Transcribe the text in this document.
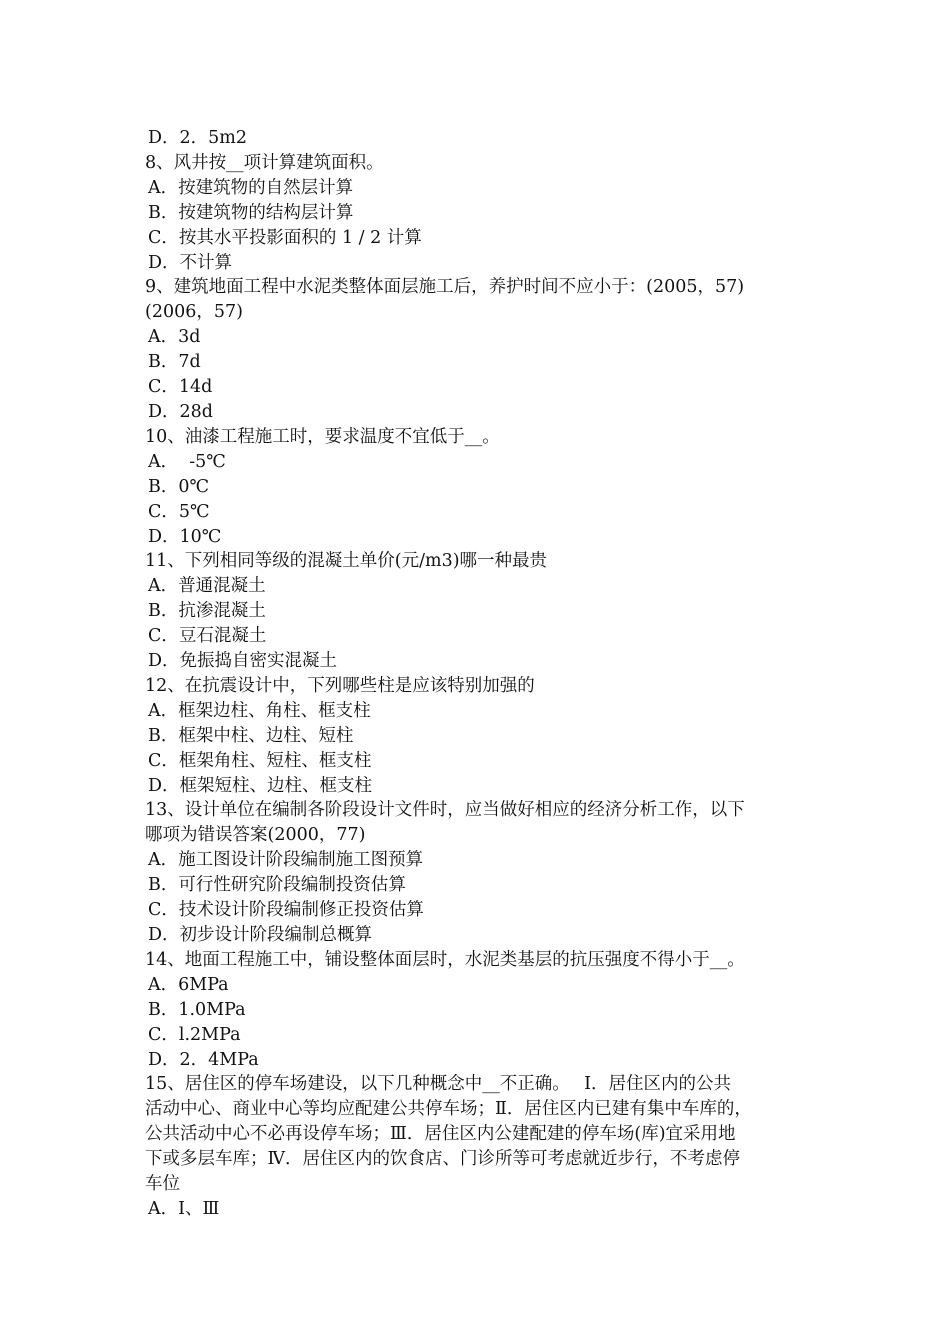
D．2．5m2
8、风井按__项计算建筑面积。
A．按建筑物的自然层计算
B．按建筑物的结构层计算
C．按其水平投影面积的 1 / 2 计算
D．不计算
9、建筑地面工程中水泥类整体面层施工后，养护时间不应小于：(2005，57)
(2006，57)
A．3d
B．7d
C．14d
D．28d
10、油漆工程施工时，要求温度不宜低于__。
A．  -5℃
B．0℃
C．5℃
D．10℃
11、下列相同等级的混凝土单价(元/m3)哪一种最贵
A．普通混凝土
B．抗渗混凝土
C．豆石混凝土
D．免振捣自密实混凝土
12、在抗震设计中，下列哪些柱是应该特别加强的
A．框架边柱、角柱、框支柱
B．框架中柱、边柱、短柱
C．框架角柱、短柱、框支柱
D．框架短柱、边柱、框支柱
13、设计单位在编制各阶段设计文件时，应当做好相应的经济分析工作，以下
哪项为错误答案(2000，77)
A．施工图设计阶段编制施工图预算
B．可行性研究阶段编制投资估算
C．技术设计阶段编制修正投资估算
D．初步设计阶段编制总概算
14、地面工程施工中，铺设整体面层时，水泥类基层的抗压强度不得小于__。
A．6MPa
B．1.0MPa
C．l.2MPa
D．2．4MPa
15、居住区的停车场建设，以下几种概念中__不正确。　 Ⅰ．居住区内的公共
活动中心、商业中心等均应配建公共停车场；Ⅱ．居住区内已建有集中车库的，
公共活动中心不必再设停车场；Ⅲ．居住区内公建配建的停车场(库)宜采用地
下或多层车库；Ⅳ．居住区内的饮食店、门诊所等可考虑就近步行，不考虑停
车位
A．Ⅰ、Ⅲ
